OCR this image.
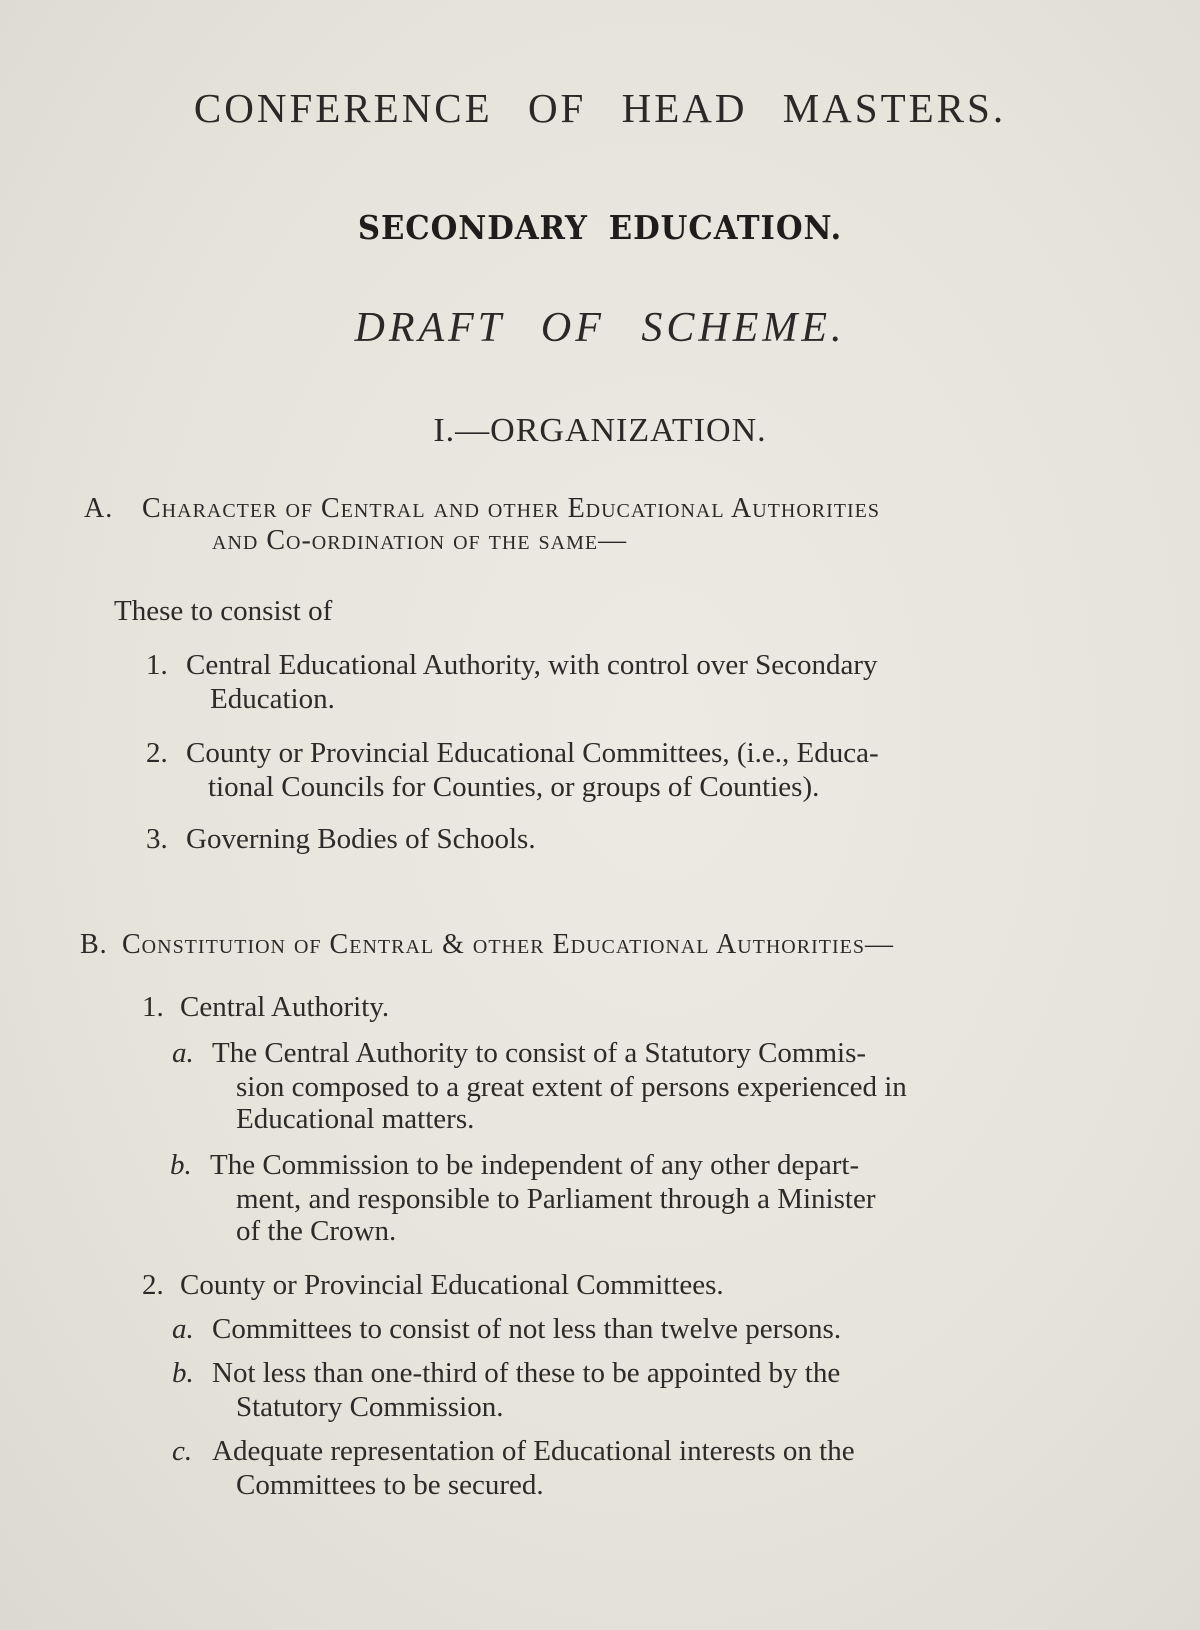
CONFERENCE OF HEAD MASTERS.
SECONDARY EDUCATION.
DRAFT OF SCHEME.
I.—ORGANIZATION.
A. Character of Central and other Educational Authorities
and Co-ordination of the same—
These to consist of
1. Central Educational Authority, with control over Secondary
Education.
2. County or Provincial Educational Committees, (i.e., Educa-
tional Councils for Counties, or groups of Counties).
3. Governing Bodies of Schools.
B. Constitution of Central & other Educational Authorities—
1. Central Authority.
a. The Central Authority to consist of a Statutory Commis-
sion composed to a great extent of persons experienced in
Educational matters.
b. The Commission to be independent of any other depart-
ment, and responsible to Parliament through a Minister
of the Crown.
2. County or Provincial Educational Committees.
a. Committees to consist of not less than twelve persons.
b. Not less than one-third of these to be appointed by the
Statutory Commission.
c. Adequate representation of Educational interests on the
Committees to be secured.
